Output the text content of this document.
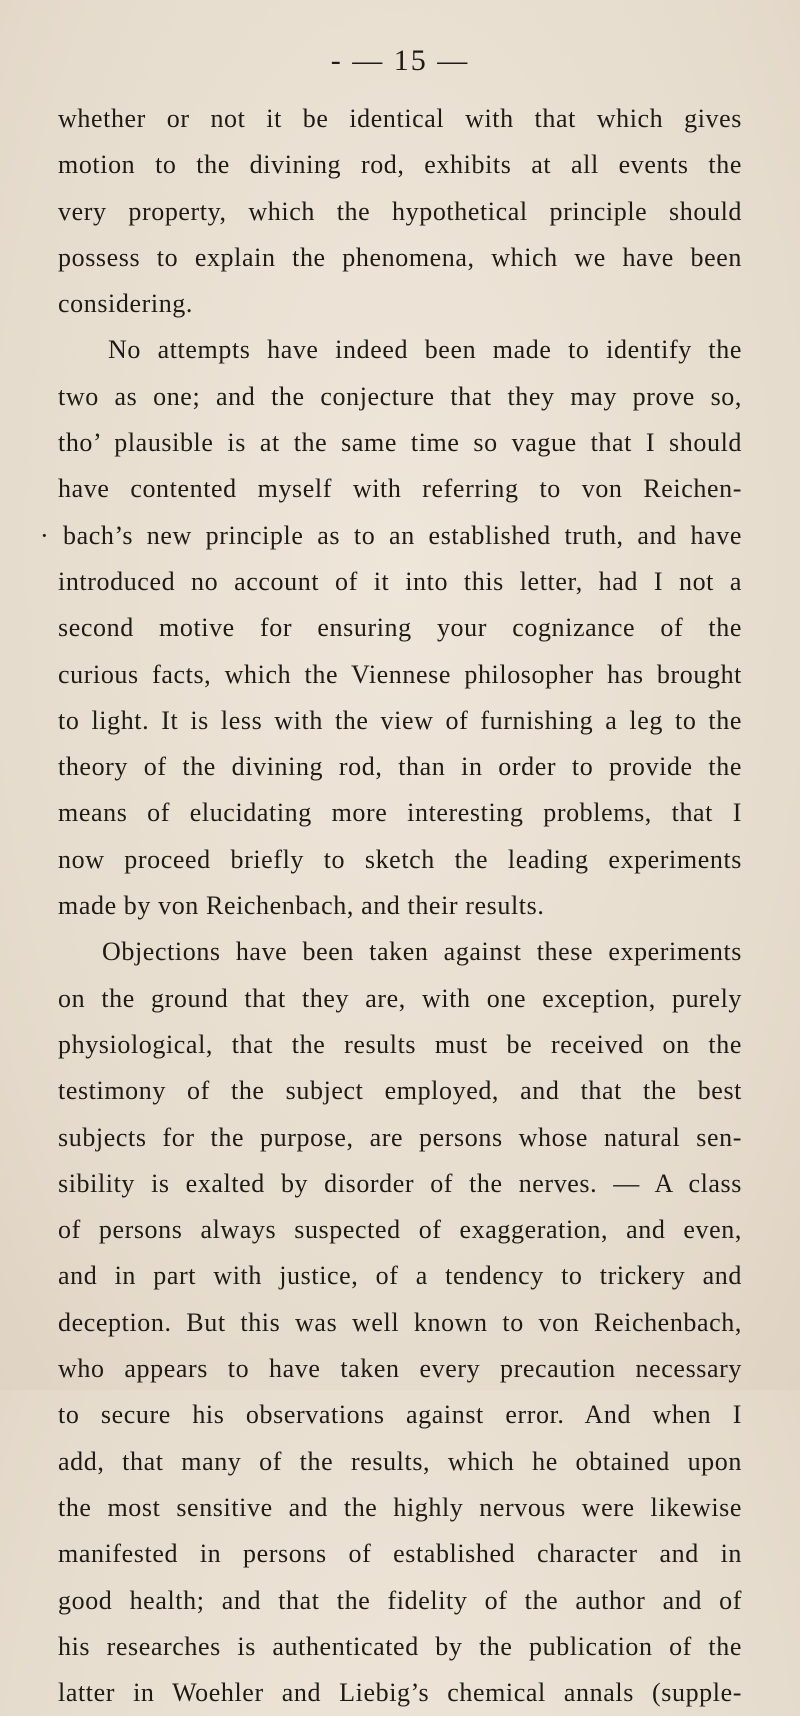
- — 15 —
whether or not it be identical with that which gives
motion to the divining rod, exhibits at all events the
very property, which the hypothetical principle should
possess to explain the phenomena, which we have been
considering.
No attempts have indeed been made to identify the
two as one; and the conjecture that they may prove so,
tho’ plausible is at the same time so vague that I should
have contented myself with referring to von Reichen-
· bach’s new principle as to an established truth, and have
introduced no account of it into this letter, had I not a
second motive for ensuring your cognizance of the
curious facts, which the Viennese philosopher has brought
to light. It is less with the view of furnishing a leg to the
theory of the divining rod, than in order to provide the
means of elucidating more interesting problems, that I
now proceed briefly to sketch the leading experiments
made by von Reichenbach, and their results.
Objections have been taken against these experiments
on the ground that they are, with one exception, purely
physiological, that the results must be received on the
testimony of the subject employed, and that the best
subjects for the purpose, are persons whose natural sen-
sibility is exalted by disorder of the nerves. — A class
of persons always suspected of exaggeration, and even,
and in part with justice, of a tendency to trickery and
deception. But this was well known to von Reichenbach,
who appears to have taken every precaution necessary
to secure his observations against error. And when I
add, that many of the results, which he obtained upon
the most sensitive and the highly nervous were likewise
manifested in persons of established character and in
good health; and that the fidelity of the author and of
his researches is authenticated by the publication of the
latter in Woehler and Liebig’s chemical annals (supple-
